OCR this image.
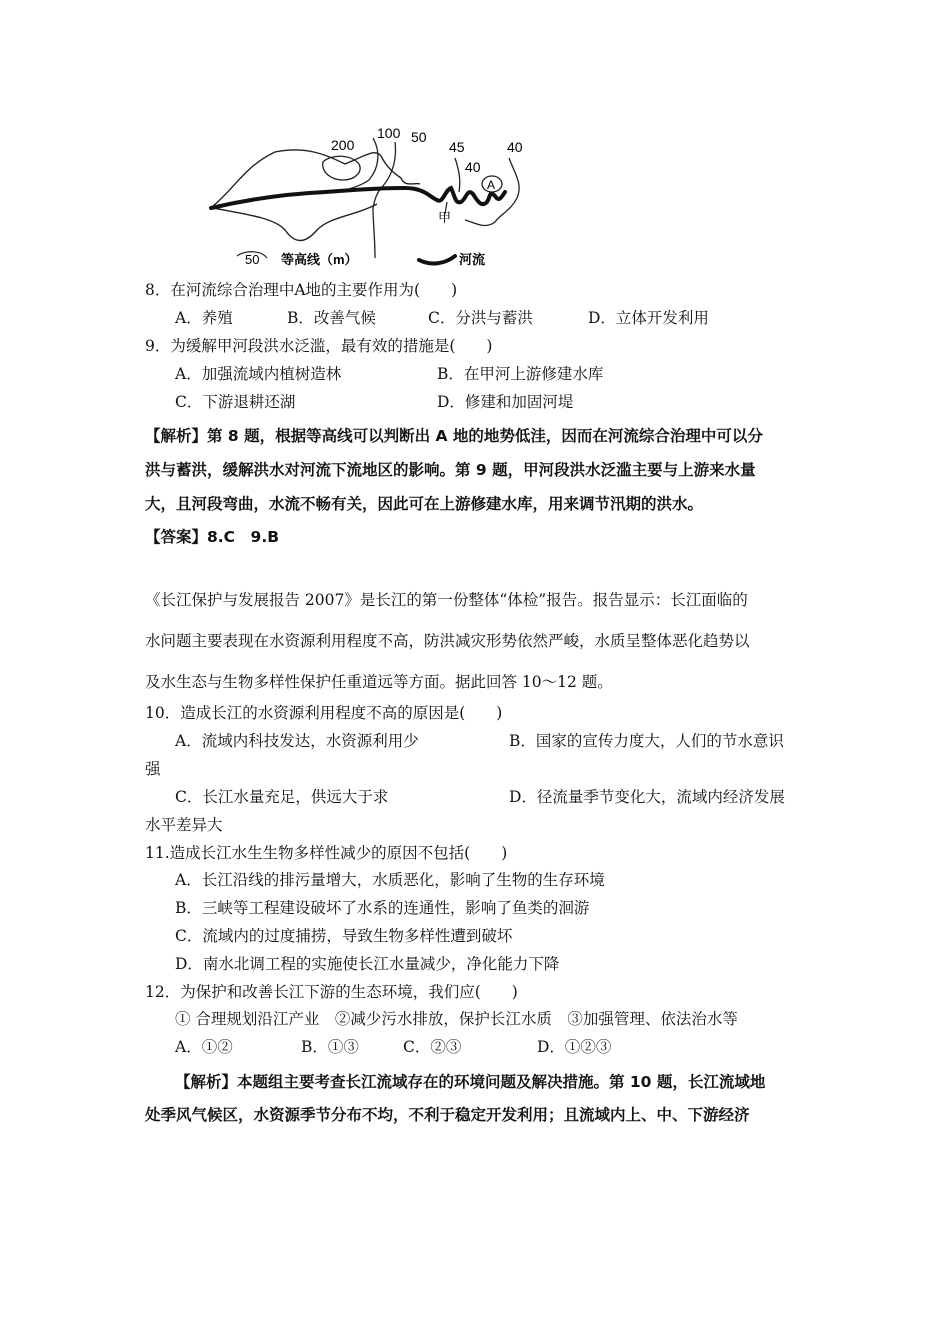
200
100 50
45
40
40
A
甲
50 等高线（m）	河流
8．在河流综合治理中A地的主要作用为(　　)
A．养殖	B．改善气候	C．分洪与蓄洪	D．立体开发利用
9．为缓解甲河段洪水泛滥，最有效的措施是(　　)
A．加强流域内植树造林	B．在甲河上游修建水库
C．下游退耕还湖	D．修建和加固河堤
【解析】第 8 题，根据等高线可以判断出 A 地的地势低洼，因而在河流综合治理中可以分
洪与蓄洪，缓解洪水对河流下流地区的影响。第 9 题，甲河段洪水泛滥主要与上游来水量
大，且河段弯曲，水流不畅有关，因此可在上游修建水库，用来调节汛期的洪水。
【答案】8.C　9.B
《长江保护与发展报告 2007》是长江的第一份整体“体检”报告。报告显示：长江面临的
水问题主要表现在水资源利用程度不高，防洪减灾形势依然严峻，水质呈整体恶化趋势以
及水生态与生物多样性保护任重道远等方面。据此回答 10～12 题。
10．造成长江的水资源利用程度不高的原因是(　　)
A．流域内科技发达，水资源利用少	B．国家的宣传力度大，人们的节水意识
强
C．长江水量充足，供远大于求	D．径流量季节变化大，流域内经济发展
水平差异大
11.造成长江水生生物多样性减少的原因不包括(　　)
A．长江沿线的排污量增大，水质恶化，影响了生物的生存环境
B．三峡等工程建设破坏了水系的连通性，影响了鱼类的洄游
C．流域内的过度捕捞，导致生物多样性遭到破坏
D．南水北调工程的实施使长江水量减少，净化能力下降
12．为保护和改善长江下游的生态环境，我们应(　　)
① 合理规划沿江产业　②减少污水排放，保护长江水质　③加强管理、依法治水等
A．①②	B．①③	C．②③	D．①②③
【解析】本题组主要考查长江流域存在的环境问题及解决措施。第 10 题，长江流域地
处季风气候区，水资源季节分布不均，不利于稳定开发利用；且流域内上、中、下游经济
